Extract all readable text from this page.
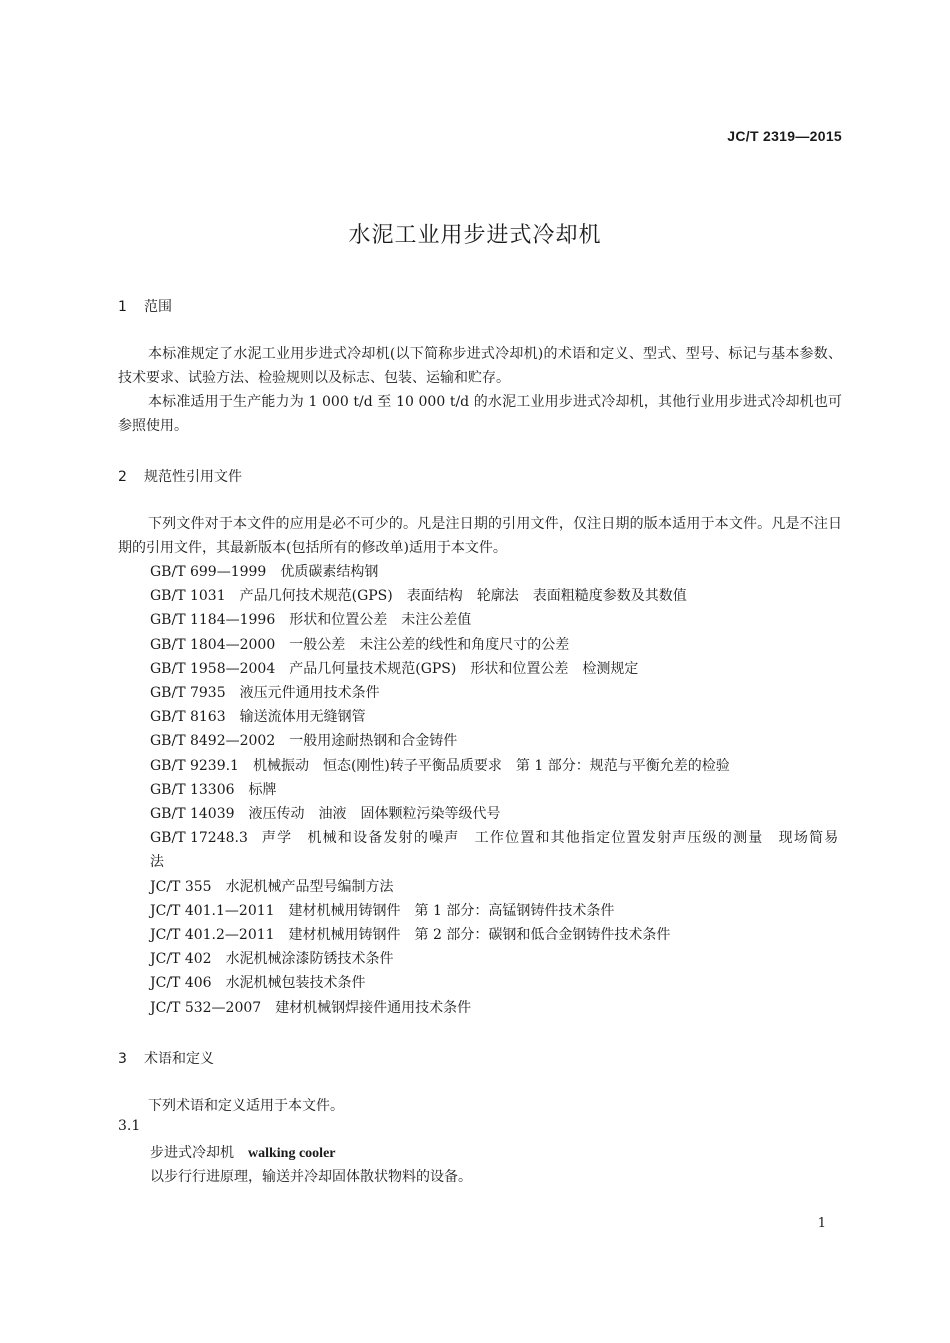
JC/T 2319—2015
水泥工业用步进式冷却机
1 范围

本标准规定了水泥工业用步进式冷却机(以下简称步进式冷却机)的术语和定义、型式、型号、标记与基本参数、技术要求、试验方法、检验规则以及标志、包装、运输和贮存。

本标准适用于生产能力为 1 000 t/d 至 10 000 t/d 的水泥工业用步进式冷却机，其他行业用步进式冷却机也可参照使用。

2 规范性引用文件

下列文件对于本文件的应用是必不可少的。凡是注日期的引用文件，仅注日期的版本适用于本文件。凡是不注日期的引用文件，其最新版本(包括所有的修改单)适用于本文件。

GB/T 699—1999 优质碳素结构钢
GB/T 1031 产品几何技术规范(GPS)　表面结构　轮廓法　表面粗糙度参数及其数值
GB/T 1184—1996 形状和位置公差　未注公差值
GB/T 1804—2000 一般公差　未注公差的线性和角度尺寸的公差
GB/T 1958—2004 产品几何量技术规范(GPS)　形状和位置公差　检测规定
GB/T 7935 液压元件通用技术条件
GB/T 8163 输送流体用无缝钢管
GB/T 8492—2002 一般用途耐热钢和合金铸件
GB/T 9239.1 机械振动　恒态(刚性)转子平衡品质要求　第 1 部分：规范与平衡允差的检验
GB/T 13306 标牌
GB/T 14039 液压传动　油液　固体颗粒污染等级代号
GB/T 17248.3 声学　机械和设备发射的噪声　工作位置和其他指定位置发射声压级的测量　现场简易法
JC/T 355 水泥机械产品型号编制方法
JC/T 401.1—2011 建材机械用铸钢件　第 1 部分：高锰钢铸件技术条件
JC/T 401.2—2011 建材机械用铸钢件　第 2 部分：碳钢和低合金钢铸件技术条件
JC/T 402 水泥机械涂漆防锈技术条件
JC/T 406 水泥机械包装技术条件
JC/T 532—2007 建材机械钢焊接件通用技术条件
3 术语和定义

下列术语和定义适用于本文件。

3.1

步进式冷却机 walking cooler

以步行行进原理，输送并冷却固体散状物料的设备。

1
